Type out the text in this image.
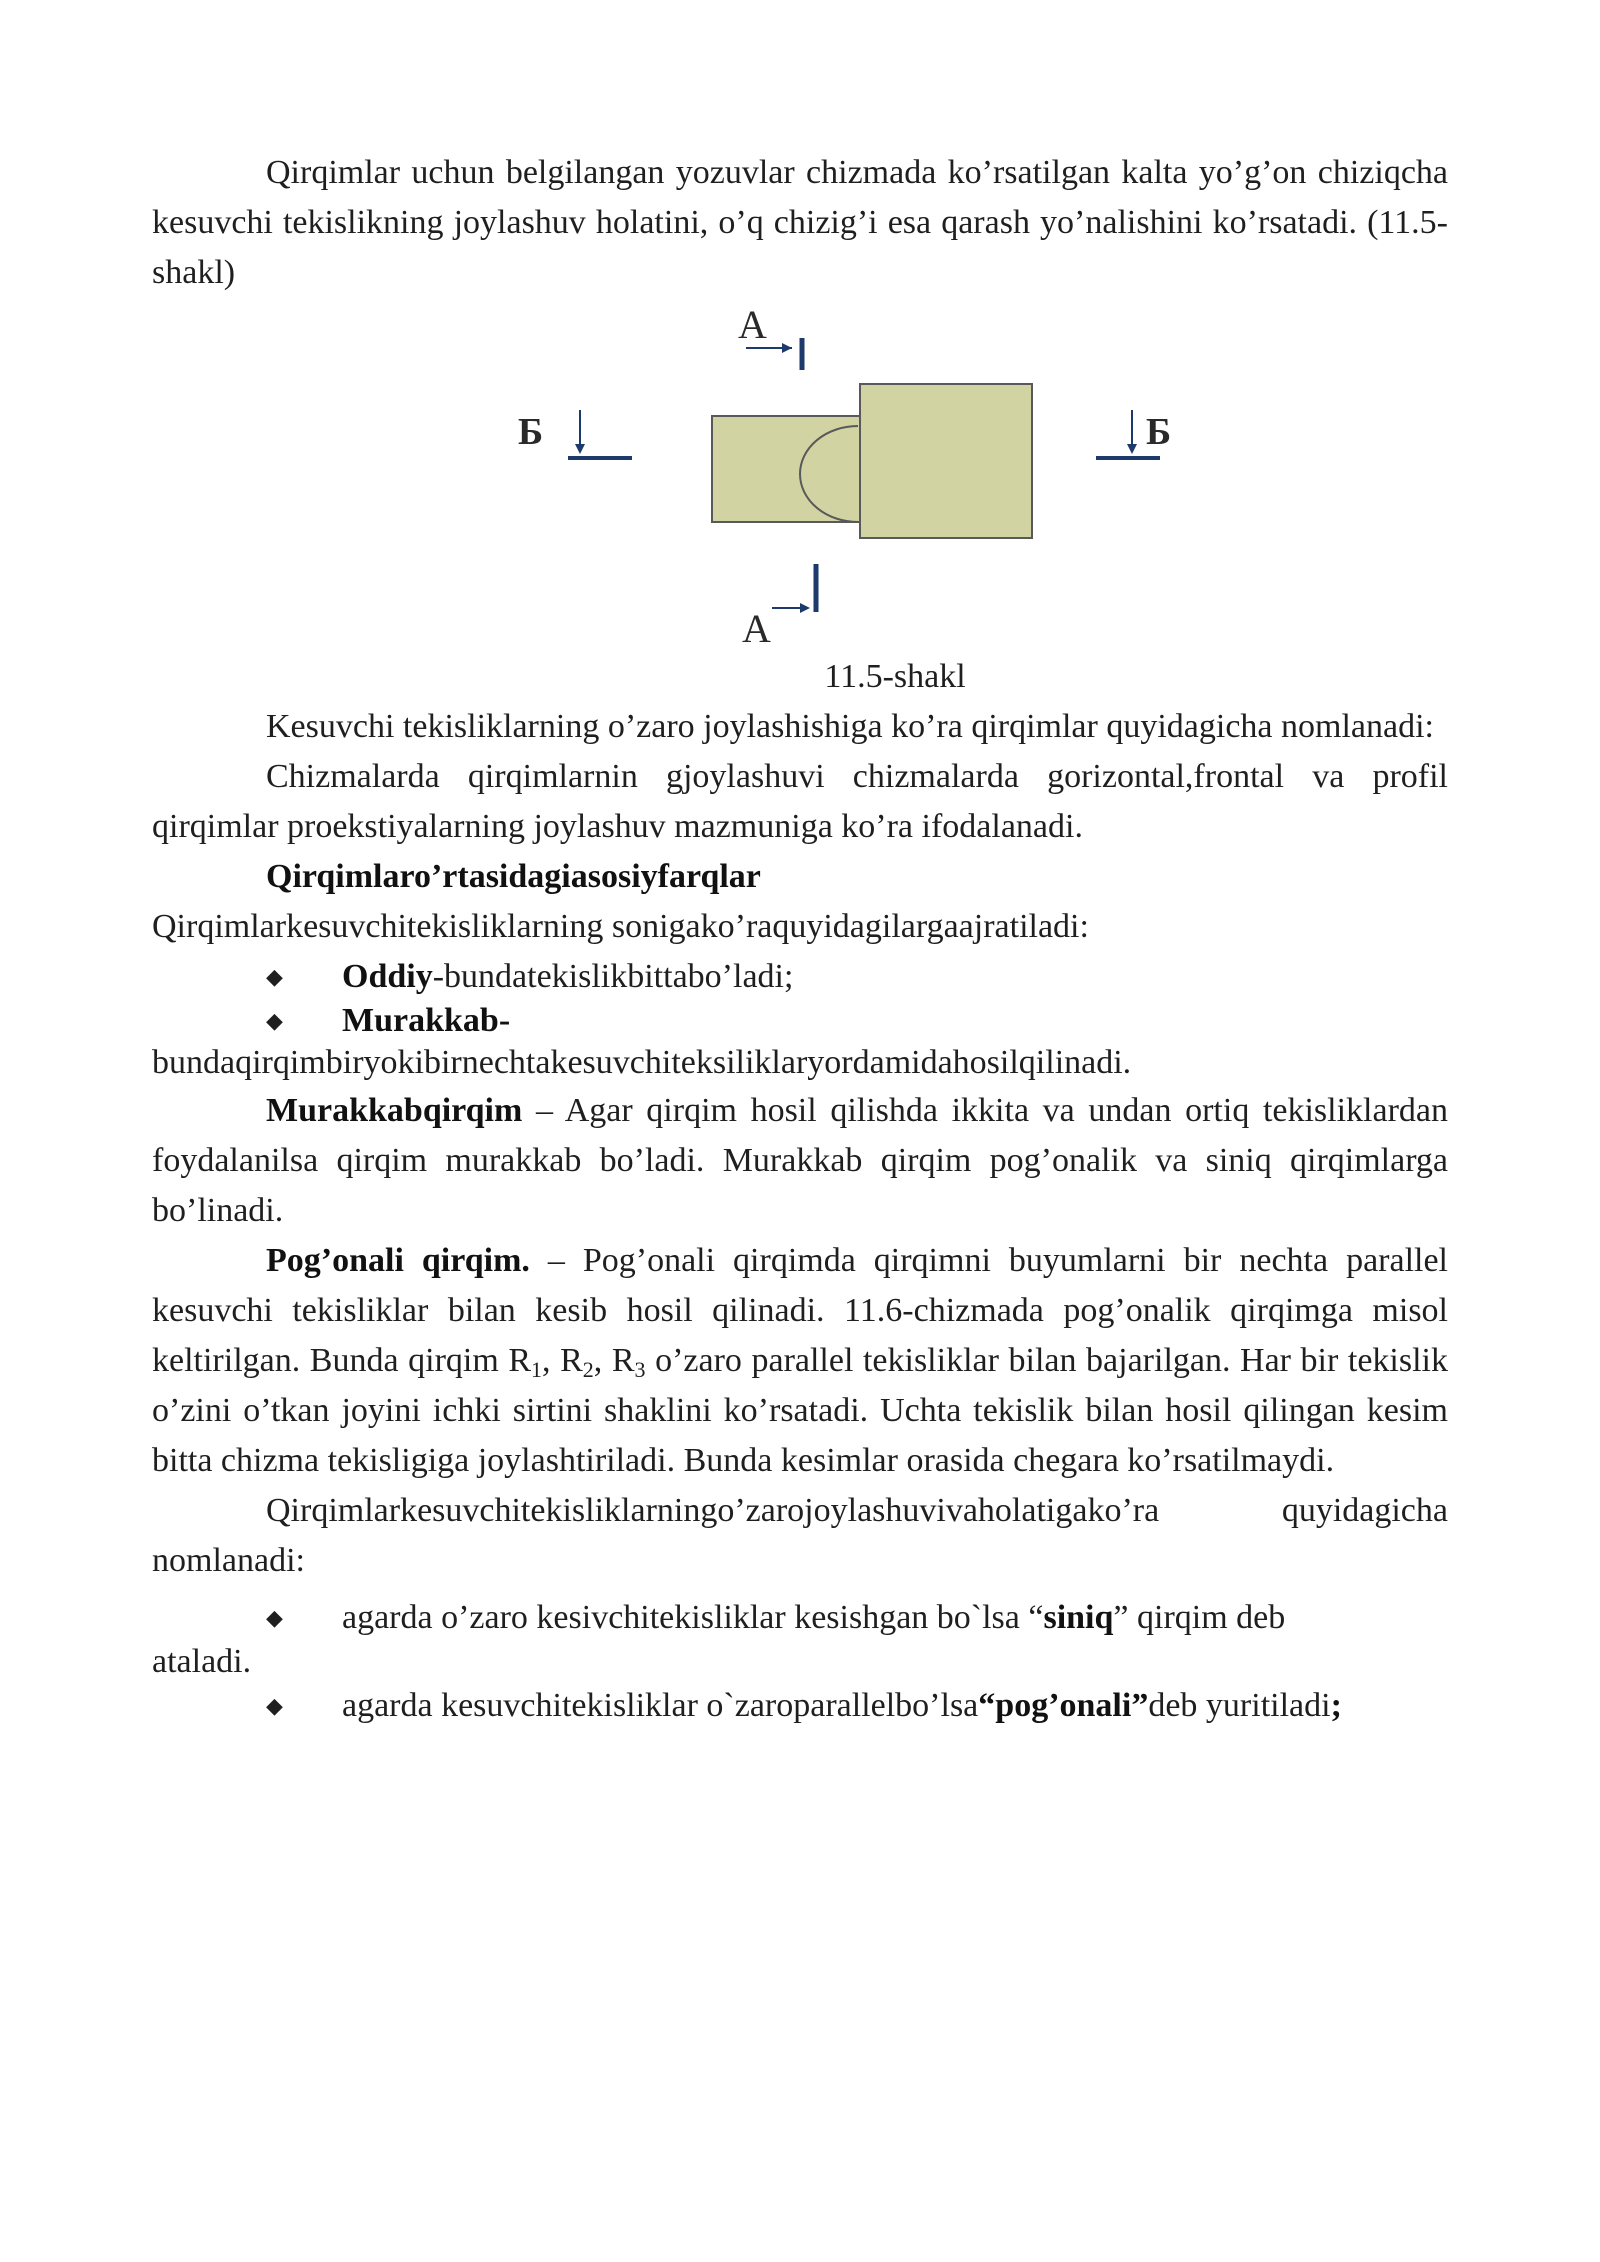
Qirqimlar uchun belgilangan yozuvlar chizmada ko’rsatilgan kalta yo’g’on chiziqcha kesuvchi tekislikning joylashuv holatini, o’q chizig’i esa qarash yo’nalishini ko’rsatadi. (11.5-shakl)

A
A
Б	Б

11.5-shakl

Kesuvchi tekisliklarning o’zaro joylashishiga ko’ra qirqimlar quyidagicha nomlanadi:

Chizmalarda qirqimlarnin gjoylashuvi chizmalarda gorizontal,frontal va profil qirqimlar proekstiyalarning joylashuv mazmuniga ko’ra ifodalanadi.

Qirqimlaro’rtasidagiasosiyfarqlar

Qirqimlarkesuvchitekisliklarning sonigako’raquyidagilargaajratiladi:

◆ Oddiy-bundatekislikbittabo’ladi;
◆ Murakkab-

bundaqirqimbiryokibirnechtakesuvchiteksiliklaryordamidahosilqilinadi.

Murakkabqirqim – Agar qirqim hosil qilishda ikkita va undan ortiq tekisliklardan foydalanilsa qirqim murakkab bo’ladi. Murakkab qirqim pog’onalik va siniq qirqimlarga bo’linadi.

Pog’onali qirqim. – Pog’onali qirqimda qirqimni buyumlarni bir nechta parallel kesuvchi tekisliklar bilan kesib hosil qilinadi. 11.6-chizmada pog’onalik qirqimga misol keltirilgan. Bunda qirqim $R_1$, $R_2$, $R_3$ o’zaro parallel tekisliklar bilan bajarilgan. Har bir tekislik o’zini o’tkan joyini ichki sirtini shaklini ko’rsatadi. Uchta tekislik bilan hosil qilingan kesim bitta chizma tekisligiga joylashtiriladi. Bunda kesimlar orasida chegara ko’rsatilmaydi.

Qirqimlarkesuvchitekisliklarningo’zarojoylashuvivaholatigako’ra quyidagicha nomlanadi:

◆ agarda o’zaro kesivchitekisliklar kesishgan bo`lsa “siniq” qirqim deb

ataladi.

◆ agarda kesuvchitekisliklar o`zaroparallelbo’lsa“pog’onali”deb yuritiladi;
